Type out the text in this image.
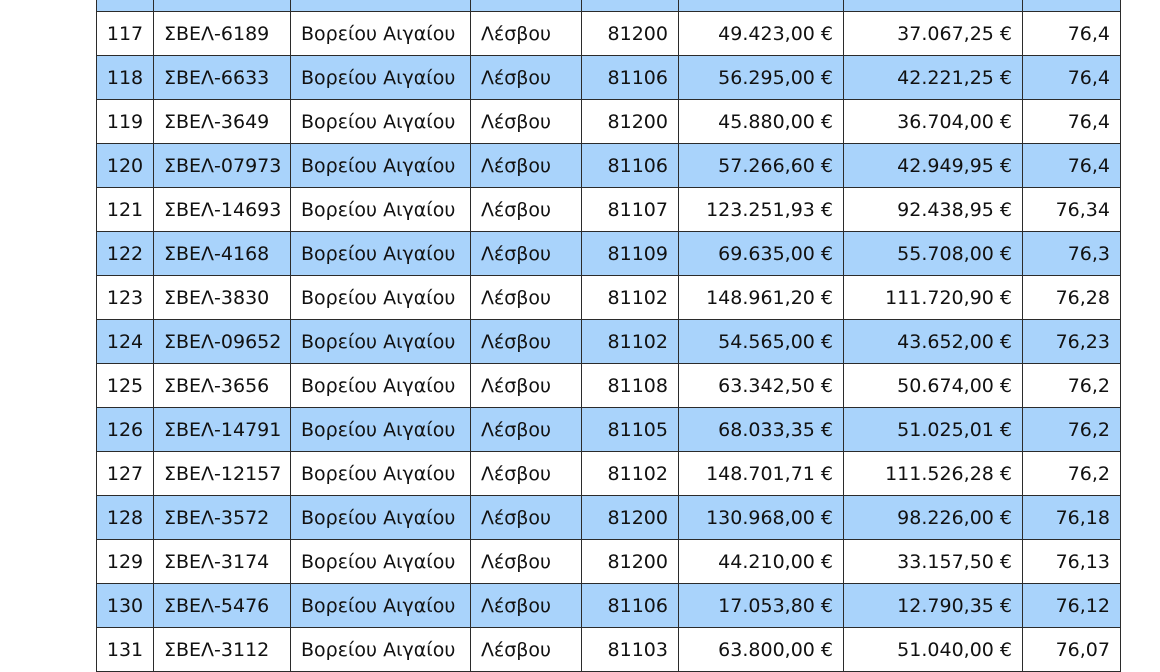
117	ΣΒΕΛ-6189	Βορείου Αιγαίου	Λέσβου	81200	49.423,00 €	37.067,25 €	76,4
118	ΣΒΕΛ-6633	Βορείου Αιγαίου	Λέσβου	81106	56.295,00 €	42.221,25 €	76,4
119	ΣΒΕΛ-3649	Βορείου Αιγαίου	Λέσβου	81200	45.880,00 €	36.704,00 €	76,4
120	ΣΒΕΛ-07973	Βορείου Αιγαίου	Λέσβου	81106	57.266,60 €	42.949,95 €	76,4
121	ΣΒΕΛ-14693	Βορείου Αιγαίου	Λέσβου	81107	123.251,93 €	92.438,95 €	76,34
122	ΣΒΕΛ-4168	Βορείου Αιγαίου	Λέσβου	81109	69.635,00 €	55.708,00 €	76,3
123	ΣΒΕΛ-3830	Βορείου Αιγαίου	Λέσβου	81102	148.961,20 €	111.720,90 €	76,28
124	ΣΒΕΛ-09652	Βορείου Αιγαίου	Λέσβου	81102	54.565,00 €	43.652,00 €	76,23
125	ΣΒΕΛ-3656	Βορείου Αιγαίου	Λέσβου	81108	63.342,50 €	50.674,00 €	76,2
126	ΣΒΕΛ-14791	Βορείου Αιγαίου	Λέσβου	81105	68.033,35 €	51.025,01 €	76,2
127	ΣΒΕΛ-12157	Βορείου Αιγαίου	Λέσβου	81102	148.701,71 €	111.526,28 €	76,2
128	ΣΒΕΛ-3572	Βορείου Αιγαίου	Λέσβου	81200	130.968,00 €	98.226,00 €	76,18
129	ΣΒΕΛ-3174	Βορείου Αιγαίου	Λέσβου	81200	44.210,00 €	33.157,50 €	76,13
130	ΣΒΕΛ-5476	Βορείου Αιγαίου	Λέσβου	81106	17.053,80 €	12.790,35 €	76,12
131	ΣΒΕΛ-3112	Βορείου Αιγαίου	Λέσβου	81103	63.800,00 €	51.040,00 €	76,07
